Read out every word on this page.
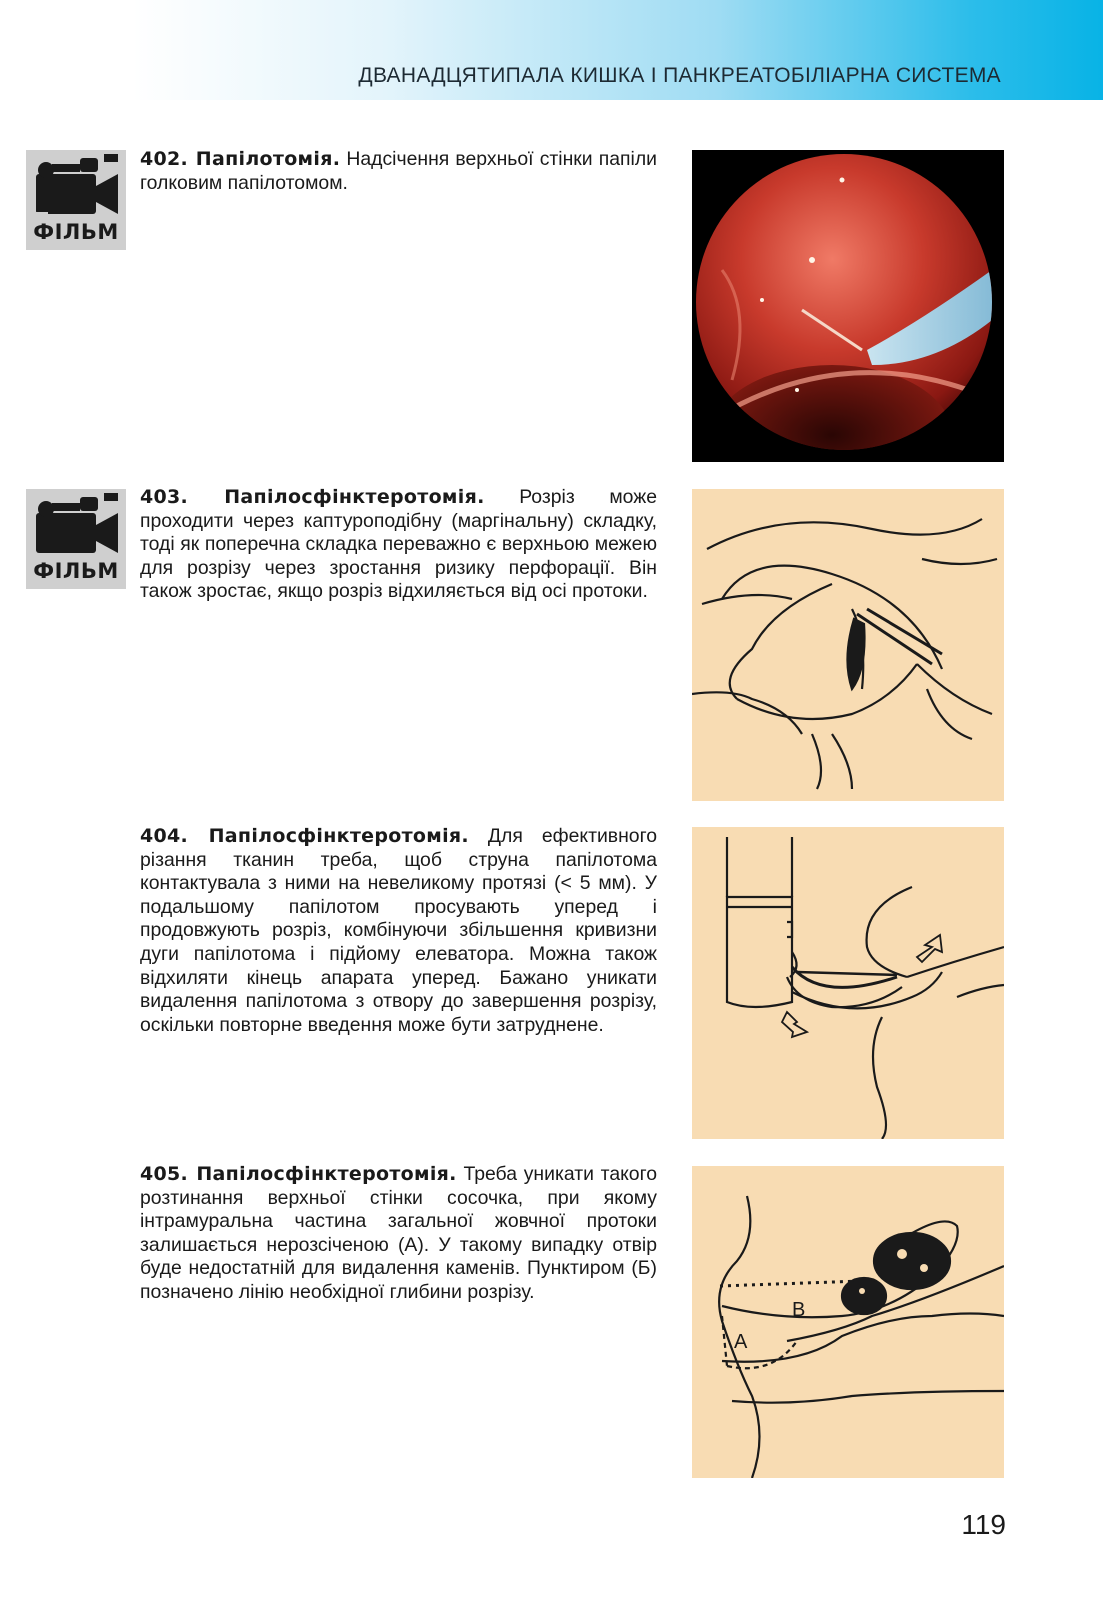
ДВАНАДЦЯТИПАЛА КИШКА І ПАНКРЕАТОБІЛІАРНА СИСТЕМА
ФІЛЬМ
ФІЛЬМ
402. Папілотомія. Надсічення верхньої стінки папіли голковим папілотомом.
403. Папілосфінктеротомія. Розріз може проходити через каптуроподібну (маргінальну) складку, тоді як поперечна складка переважно є верхньою межею для розрізу через зростання ризику перфорації. Він також зростає, якщо розріз відхиляється від осі протоки.
404. Папілосфінктеротомія. Для ефективного різання тканин треба, щоб струна папілотома контактувала з ними на невеликому протязі (< 5 мм). У подальшому папілотом просувають уперед і продовжують розріз, комбінуючи збільшення кривизни дуги папілотома і підйому елеватора. Можна також відхиляти кінець апарата уперед. Бажано уникати видалення папілотома з отвору до завершення розрізу, оскільки повторне введення може бути затруднене.
405. Папілосфінктеротомія. Треба уникати такого розтинання верхньої стінки сосочка, при якому інтрамуральна частина загальної жовчної протоки залишається нерозсіченою (А). У такому випадку отвір буде недостатній для видалення каменів. Пунктиром (Б) позначено лінію необхідної глибини розрізу.
A
B
119
